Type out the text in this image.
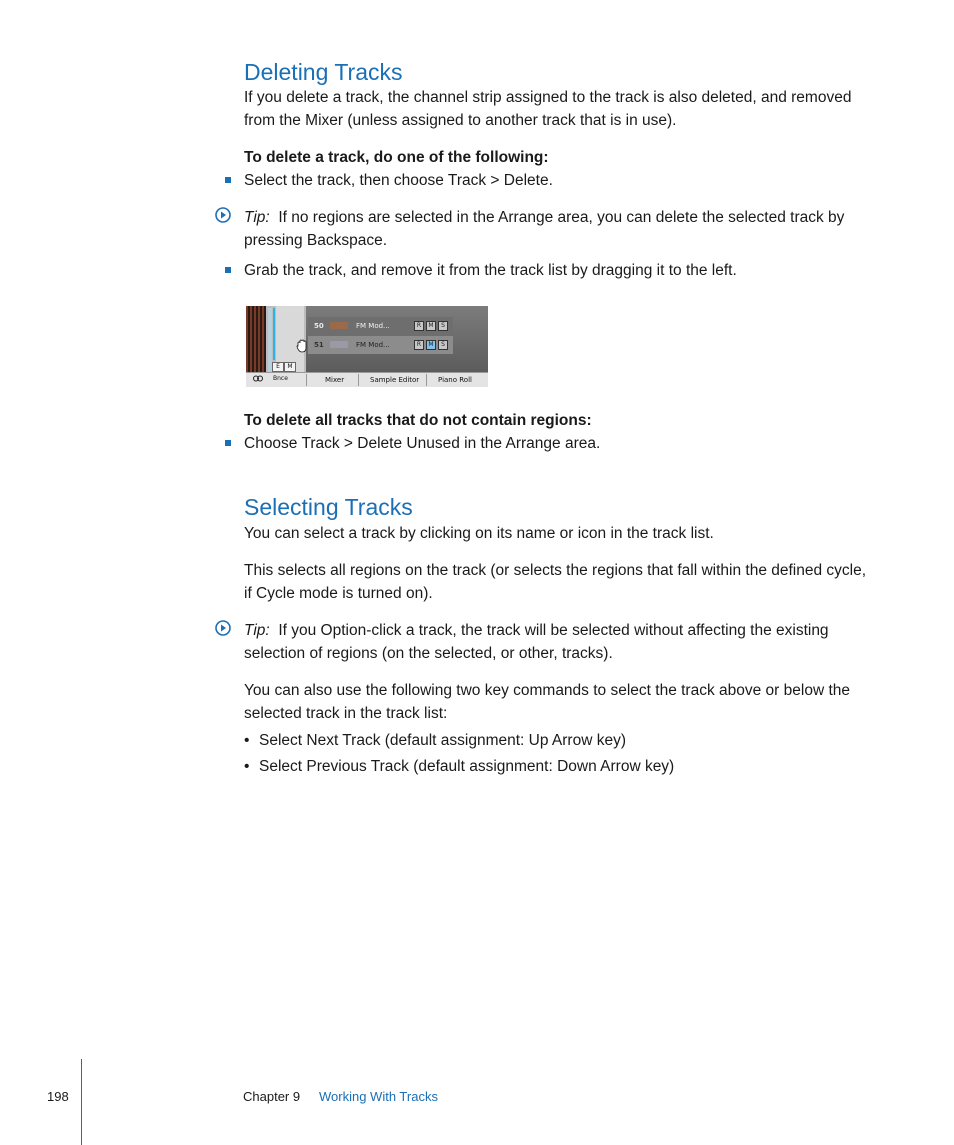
Deleting Tracks
If you delete a track, the channel strip assigned to the track is also deleted, and removed from the Mixer (unless assigned to another track that is in use).
To delete a track, do one of the following:
Select the track, then choose Track > Delete.
Tip: If no regions are selected in the Arrange area, you can delete the selected track by pressing Backspace.
Grab the track, and remove it from the track list by dragging it to the left.
50	FM Mod...	R	M	S
51	FM Mod...	R	M	S
E	M
Bnce	Mixer	Sample Editor	Piano Roll
To delete all tracks that do not contain regions:
Choose Track > Delete Unused in the Arrange area.
Selecting Tracks
You can select a track by clicking on its name or icon in the track list.
This selects all regions on the track (or selects the regions that fall within the defined cycle, if Cycle mode is turned on).
Tip: If you Option-click a track, the track will be selected without affecting the existing selection of regions (on the selected, or other, tracks).
You can also use the following two key commands to select the track above or below the selected track in the track list:
• Select Next Track (default assignment: Up Arrow key)
• Select Previous Track (default assignment: Down Arrow key)
198	Chapter 9 Working With Tracks
